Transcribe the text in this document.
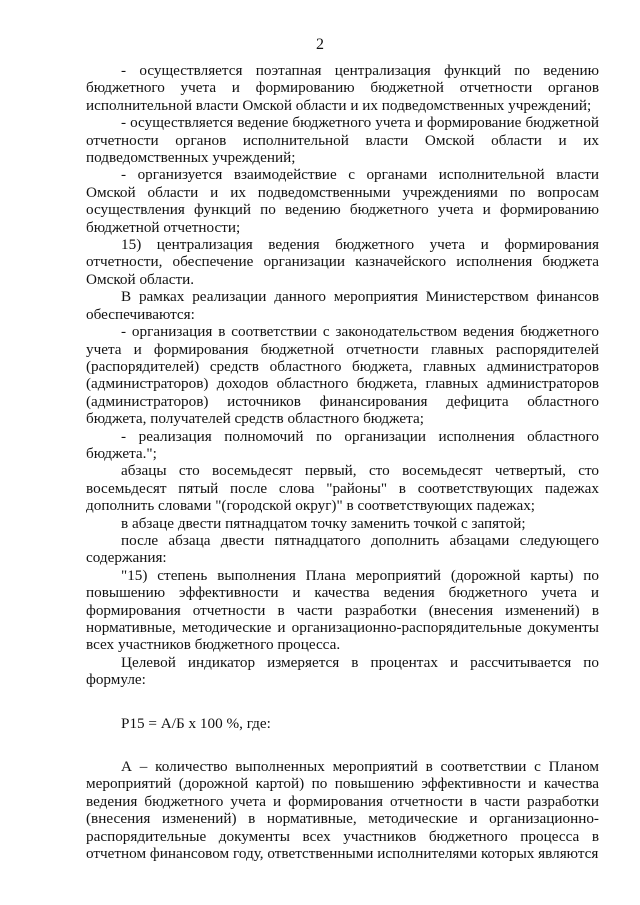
2

- осуществляется поэтапная централизация функций по ведению бюджетного учета и формированию бюджетной отчетности органов исполнительной власти Омской области и их подведомственных учреждений;

- осуществляется ведение бюджетного учета и формирование бюджетной отчетности органов исполнительной власти Омской области и их подведомственных учреждений;

- организуется взаимодействие с органами исполнительной власти Омской области и их подведомственными учреждениями по вопросам осуществления функций по ведению бюджетного учета и формированию бюджетной отчетности;

15) централизация ведения бюджетного учета и формирования отчетности, обеспечение организации казначейского исполнения бюджета Омской области.

В рамках реализации данного мероприятия Министерством финансов обеспечиваются:

- организация в соответствии с законодательством ведения бюджетного учета и формирования бюджетной отчетности главных распорядителей (распорядителей) средств областного бюджета, главных администраторов (администраторов) доходов областного бюджета, главных администраторов (администраторов) источников финансирования дефицита областного бюджета, получателей средств областного бюджета;

- реализация полномочий по организации исполнения областного бюджета.";

абзацы сто восемьдесят первый, сто восемьдесят четвертый, сто восемьдесят пятый после слова "районы" в соответствующих падежах дополнить словами "(городской округ)" в соответствующих падежах;

в абзаце двести пятнадцатом точку заменить точкой с запятой;

после абзаца двести пятнадцатого дополнить абзацами следующего содержания:

"15) степень выполнения Плана мероприятий (дорожной карты) по повышению эффективности и качества ведения бюджетного учета и формирования отчетности в части разработки (внесения изменений) в нормативные, методические и организационно-распорядительные документы всех участников бюджетного процесса.

Целевой индикатор измеряется в процентах и рассчитывается по формуле:

Р15 = А/Б х 100 %, где:

А – количество выполненных мероприятий в соответствии с Планом мероприятий (дорожной картой) по повышению эффективности и качества ведения бюджетного учета и формирования отчетности в части разработки (внесения изменений) в нормативные, методические и организационно-распорядительные документы всех участников бюджетного процесса в отчетном финансовом году, ответственными исполнителями которых являются
